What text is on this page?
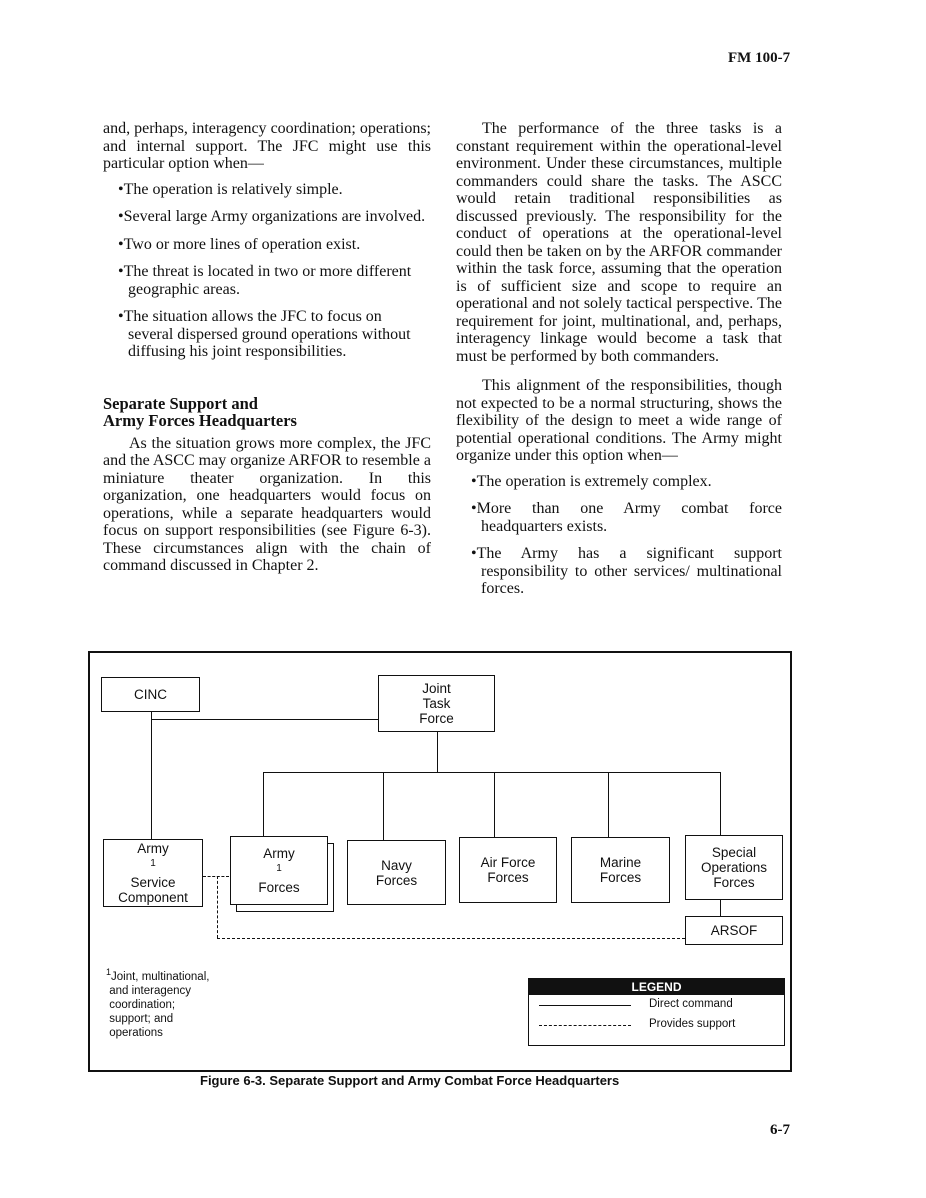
FM 100-7

and, perhaps, interagency coordination; operations; and internal support. The JFC might use this particular option when—

•The operation is relatively simple.
•Several large Army organizations are involved.
•Two or more lines of operation exist.
•The threat is located in two or more different geographic areas.
•The situation allows the JFC to focus on several dispersed ground operations without diffusing his joint responsibilities.
Separate Support and
Army Forces Headquarters

As the situation grows more complex, the JFC and the ASCC may organize ARFOR to resemble a miniature theater organization. In this organization, one headquarters would focus on operations, while a separate headquarters would focus on support responsibilities (see Figure 6-3). These circumstances align with the chain of command discussed in Chapter 2.

The performance of the three tasks is a constant requirement within the operational-level environment. Under these circumstances, multiple commanders could share the tasks. The ASCC would retain traditional responsibilities as discussed previously. The responsibility for the conduct of operations at the operational-level could then be taken on by the ARFOR commander within the task force, assuming that the operation is of sufficient size and scope to require an operational and not solely tactical perspective. The requirement for joint, multinational, and, perhaps, interagency linkage would become a task that must be performed by both commanders.

This alignment of the responsibilities, though not expected to be a normal structuring, shows the flexibility of the design to meet a wide range of potential operational conditions. The Army might organize under this option when—

•The operation is extremely complex.
•More than one Army combat force headquarters exists.
•The Army has a significant support responsibility to other services/ multinational forces.
CINC	Joint
Task
Force
Army
$^1$
Service
Component
Army
$^1$
Forces
Navy
Forces
Air Force
Forces
Marine
Forces
Special
Operations
Forces
ARSOF
$^1$Joint, multinational,
and interagency
coordination;
support; and
operations
LEGEND
Direct command
Provides support
Figure 6-3. Separate Support and Army Combat Force Headquarters
6-7
